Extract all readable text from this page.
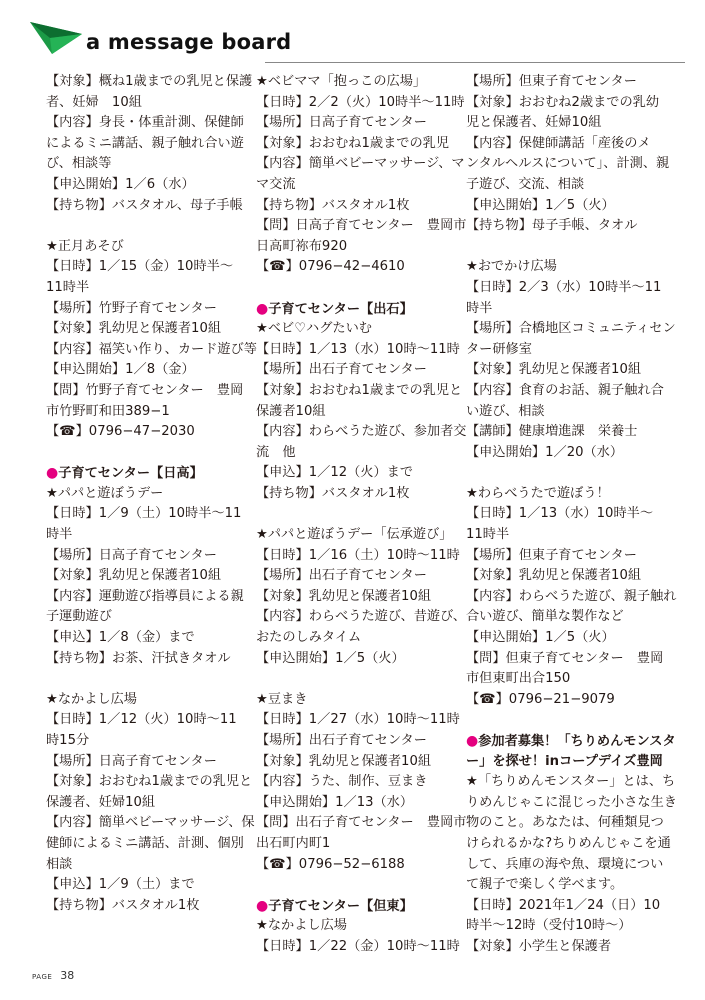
a message board
【対象】概ね1歳までの乳児と保護
者、妊婦　10組
【内容】身長・体重計測、保健師
によるミニ講話、親子触れ合い遊
び、相談等
【申込開始】1／6（水）
【持ち物】バスタオル、母子手帳
★正月あそび
【日時】1／15（金）10時半～
11時半
【場所】竹野子育てセンター
【対象】乳幼児と保護者10組
【内容】福笑い作り、カード遊び等
【申込開始】1／8（金）
【問】竹野子育てセンター　豊岡
市竹野町和田389−1
【☎】0796−47−2030
●子育てセンター【日高】
★パパと遊ぼうデー
【日時】1／9（土）10時半～11
時半
【場所】日高子育てセンター
【対象】乳幼児と保護者10組
【内容】運動遊び指導員による親
子運動遊び
【申込】1／8（金）まで
【持ち物】お茶、汗拭きタオル
★なかよし広場
【日時】1／12（火）10時～11
時15分
【場所】日高子育てセンター
【対象】おおむね1歳までの乳児と
保護者、妊婦10組
【内容】簡単ベビーマッサージ、保
健師によるミニ講話、計測、個別
相談
【申込】1／9（土）まで
【持ち物】バスタオル1枚
★ベビママ「抱っこの広場」
【日時】2／2（火）10時半～11時
【場所】日高子育てセンター
【対象】おおむね1歳までの乳児
【内容】簡単ベビーマッサージ、マ
マ交流
【持ち物】バスタオル1枚
【問】日高子育てセンター　豊岡市
日高町祢布920
【☎】0796−42−4610
●子育てセンター【出石】
★ベビ♡ハグたいむ
【日時】1／13（水）10時～11時
【場所】出石子育てセンター
【対象】おおむね1歳までの乳児と
保護者10組
【内容】わらべうた遊び、参加者交
流　他
【申込】1／12（火）まで
【持ち物】バスタオル1枚
★パパと遊ぼうデー「伝承遊び」
【日時】1／16（土）10時～11時
【場所】出石子育てセンター
【対象】乳幼児と保護者10組
【内容】わらべうた遊び、昔遊び、
おたのしみタイム
【申込開始】1／5（火）
★豆まき
【日時】1／27（水）10時～11時
【場所】出石子育てセンター
【対象】乳幼児と保護者10組
【内容】うた、制作、豆まき
【申込開始】1／13（水）
【問】出石子育てセンター　豊岡市
出石町内町1
【☎】0796−52−6188
●子育てセンター【但東】
★なかよし広場
【日時】1／22（金）10時～11時
【場所】但東子育てセンター
【対象】おおむね2歳までの乳幼
児と保護者、妊婦10組
【内容】保健師講話「産後のメ
ンタルヘルスについて」、計測、親
子遊び、交流、相談
【申込開始】1／5（火）
【持ち物】母子手帳、タオル
★おでかけ広場
【日時】2／3（水）10時半～11
時半
【場所】合橋地区コミュニティセン
ター研修室
【対象】乳幼児と保護者10組
【内容】食育のお話、親子触れ合
い遊び、相談
【講師】健康増進課　栄養士
【申込開始】1／20（水）
★わらべうたで遊ぼう！
【日時】1／13（水）10時半～
11時半
【場所】但東子育てセンター
【対象】乳幼児と保護者10組
【内容】わらべうた遊び、親子触れ
合い遊び、簡単な製作など
【申込開始】1／5（火）
【問】但東子育てセンター　豊岡
市但東町出合150
【☎】0796−21−9079
●参加者募集！「ちりめんモンスタ
ー」を探せ！inコープデイズ豊岡
★「ちりめんモンスター」とは、ち
りめんじゃこに混じった小さな生き
物のこと。あなたは、何種類見つ
けられるかな?ちりめんじゃこを通
して、兵庫の海や魚、環境につい
て親子で楽しく学べます。
【日時】2021年1／24（日）10
時半～12時（受付10時～）
【対象】小学生と保護者
PAGE 38
